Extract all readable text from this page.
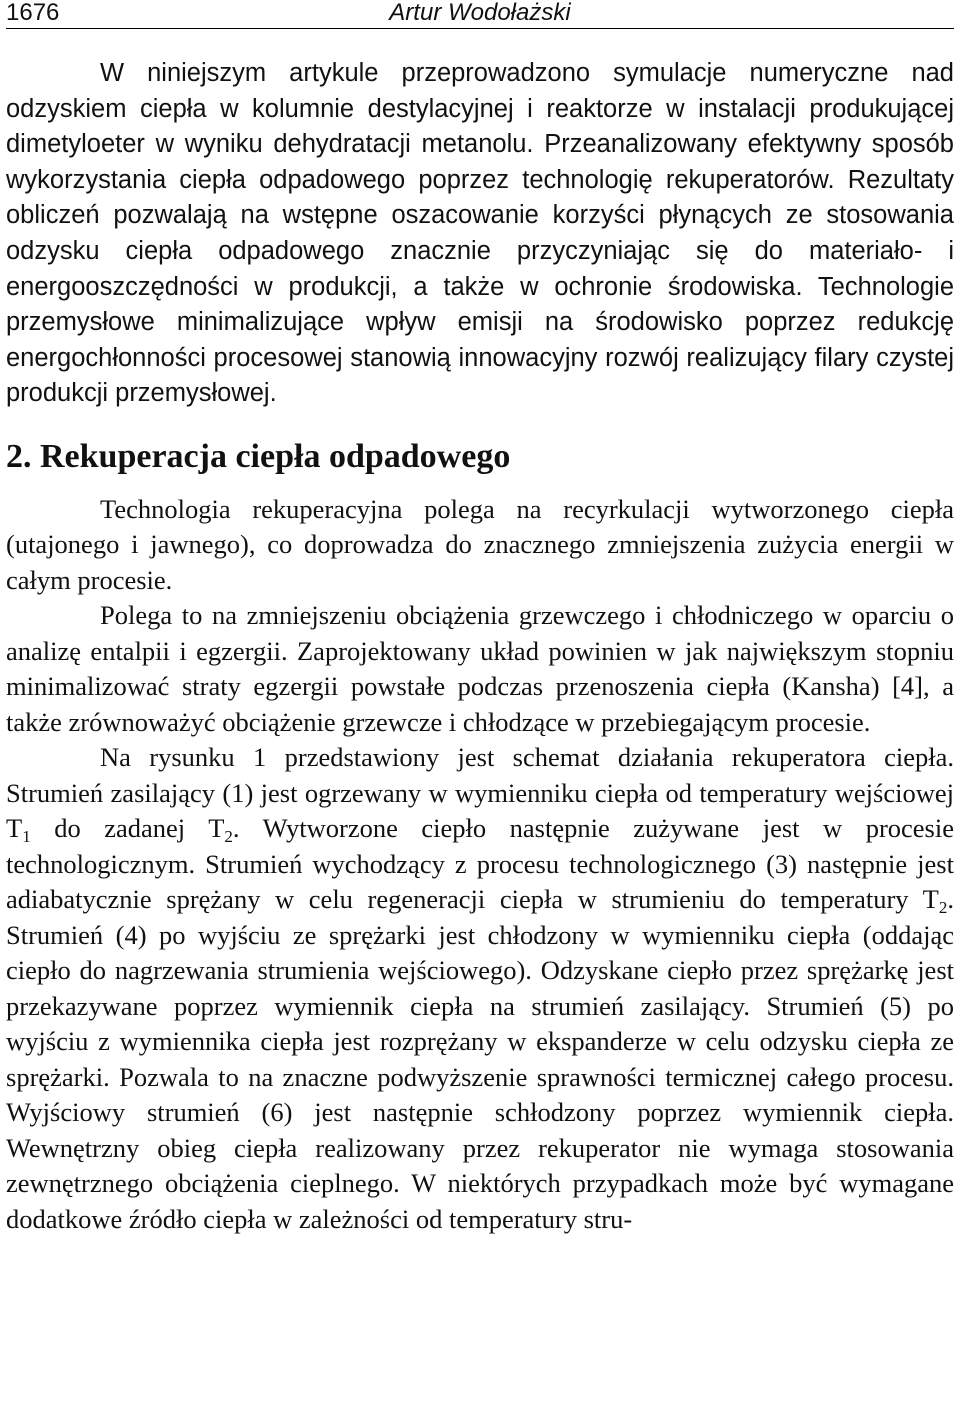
1676	Artur Wodołażski

W niniejszym artykule przeprowadzono symulacje numeryczne nad odzyskiem ciepła w kolumnie destylacyjnej i reaktorze w instalacji produkującej dimetyloeter w wyniku dehydratacji metanolu. Przeanalizowany efektywny sposób wykorzystania ciepła odpadowego poprzez technologię rekuperatorów. Rezultaty obliczeń pozwalają na wstępne oszacowanie korzyści płynących ze stosowania odzysku ciepła odpadowego znacznie przyczyniając się do materiało- i energooszczędności w produkcji, a także w ochronie środowiska. Technologie przemysłowe minimalizujące wpływ emisji na środowisko poprzez redukcję energochłonności procesowej stanowią innowacyjny rozwój realizujący filary czystej produkcji przemysłowej.

2. Rekuperacja ciepła odpadowego

Technologia rekuperacyjna polega na recyrkulacji wytworzonego ciepła (utajonego i jawnego), co doprowadza do znacznego zmniejszenia zużycia energii w całym procesie.

Polega to na zmniejszeniu obciążenia grzewczego i chłodniczego w oparciu o analizę entalpii i egzergii. Zaprojektowany układ powinien w jak największym stopniu minimalizować straty egzergii powstałe podczas przenoszenia ciepła (Kansha) [4], a także zrównoważyć obciążenie grzewcze i chłodzące w przebiegającym procesie.

Na rysunku 1 przedstawiony jest schemat działania rekuperatora ciepła. Strumień zasilający (1) jest ogrzewany w wymienniku ciepła od temperatury wejściowej $T_1$ do zadanej $T_2$. Wytworzone ciepło następnie zużywane jest w procesie technologicznym. Strumień wychodzący z procesu technologicznego (3) następnie jest adiabatycznie sprężany w celu regeneracji ciepła w strumieniu do temperatury $T_2$. Strumień (4) po wyjściu ze sprężarki jest chłodzony w wymienniku ciepła (oddając ciepło do nagrzewania strumienia wejściowego). Odzyskane ciepło przez sprężarkę jest przekazywane poprzez wymiennik ciepła na strumień zasilający. Strumień (5) po wyjściu z wymiennika ciepła jest rozprężany w ekspanderze w celu odzysku ciepła ze sprężarki. Pozwala to na znaczne podwyższenie sprawności termicznej całego procesu. Wyjściowy strumień (6) jest następnie schłodzony poprzez wymiennik ciepła. Wewnętrzny obieg ciepła realizowany przez rekuperator nie wymaga stosowania zewnętrznego obciążenia cieplnego. W niektórych przypadkach może być wymagane dodatkowe źródło ciepła w zależności od temperatury stru-
